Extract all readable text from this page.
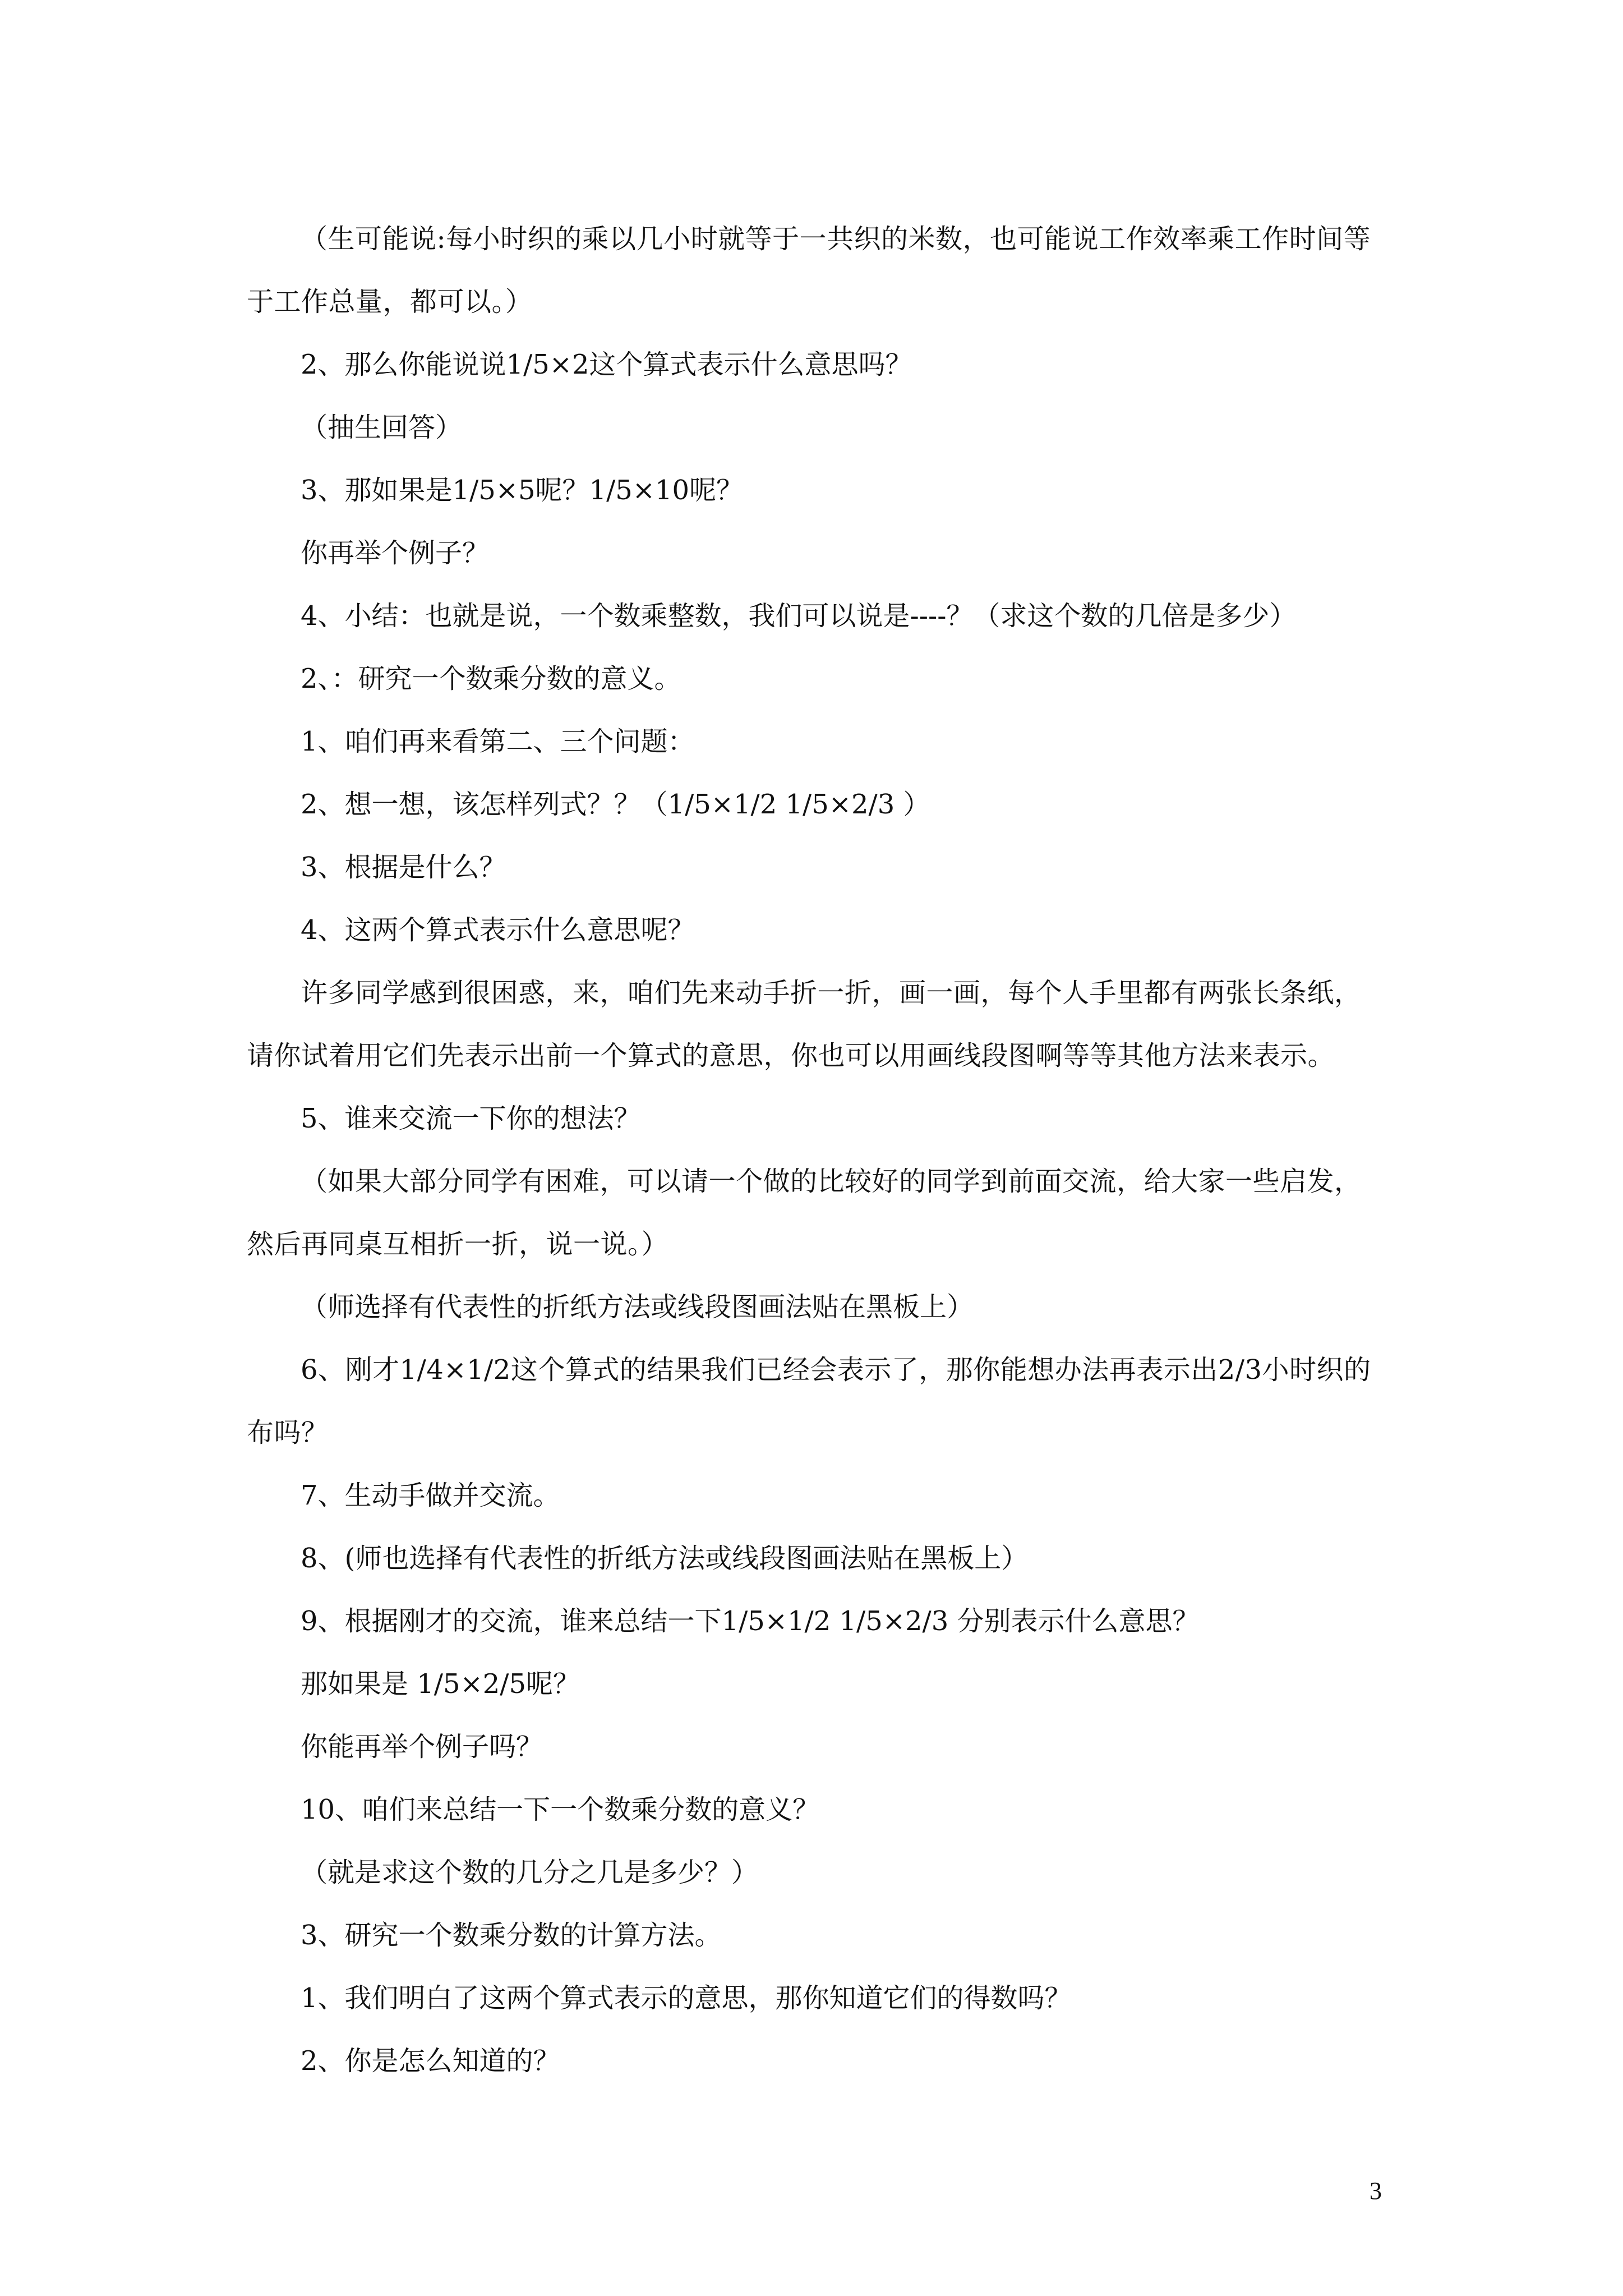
（生可能说:每小时织的乘以几小时就等于一共织的米数，也可能说工作效率乘工作时间等于工作总量，都可以。）

2、那么你能说说1/5×2这个算式表示什么意思吗？

（抽生回答）

3、那如果是1/5×5呢？1/5×10呢？

你再举个例子？

4、小结：也就是说，一个数乘整数，我们可以说是----？（求这个数的几倍是多少）

2、：研究一个数乘分数的意义。

1、咱们再来看第二、三个问题：

2、想一想，该怎样列式？？（1/5×1/2 1/5×2/3 ）

3、根据是什么？

4、这两个算式表示什么意思呢？

许多同学感到很困惑，来，咱们先来动手折一折，画一画，每个人手里都有两张长条纸，请你试着用它们先表示出前一个算式的意思，你也可以用画线段图啊等等其他方法来表示。

5、谁来交流一下你的想法？

（如果大部分同学有困难，可以请一个做的比较好的同学到前面交流，给大家一些启发，然后再同桌互相折一折，说一说。）

（师选择有代表性的折纸方法或线段图画法贴在黑板上）

6、刚才1/4×1/2这个算式的结果我们已经会表示了，那你能想办法再表示出2/3小时织的布吗？

7、生动手做并交流。

8、(师也选择有代表性的折纸方法或线段图画法贴在黑板上）

9、根据刚才的交流，谁来总结一下1/5×1/2 1/5×2/3 分别表示什么意思？

那如果是 1/5×2/5呢？

你能再举个例子吗？

10、咱们来总结一下一个数乘分数的意义？

（就是求这个数的几分之几是多少？）

3、研究一个数乘分数的计算方法。

1、我们明白了这两个算式表示的意思，那你知道它们的得数吗？

2、你是怎么知道的？

3
